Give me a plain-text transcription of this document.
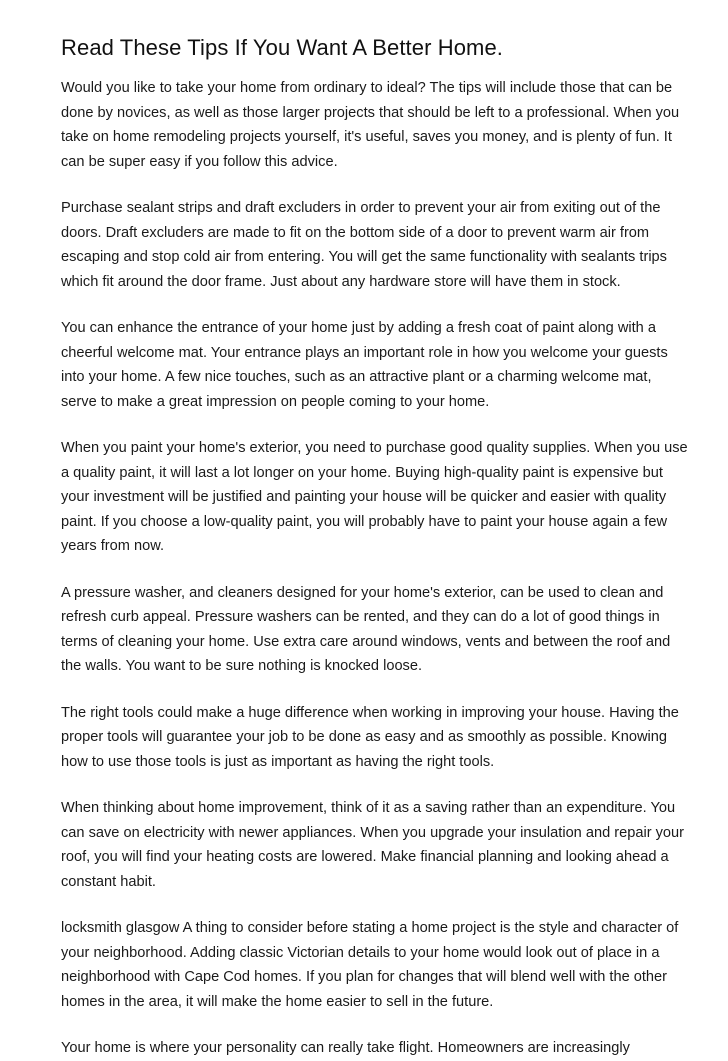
Read These Tips If You Want A Better Home.

Would you like to take your home from ordinary to ideal? The tips will include those that can be done by novices, as well as those larger projects that should be left to a professional. When you take on home remodeling projects yourself, it's useful, saves you money, and is plenty of fun. It can be super easy if you follow this advice.

Purchase sealant strips and draft excluders in order to prevent your air from exiting out of the doors. Draft excluders are made to fit on the bottom side of a door to prevent warm air from escaping and stop cold air from entering. You will get the same functionality with sealants trips which fit around the door frame. Just about any hardware store will have them in stock.

You can enhance the entrance of your home just by adding a fresh coat of paint along with a cheerful welcome mat. Your entrance plays an important role in how you welcome your guests into your home. A few nice touches, such as an attractive plant or a charming welcome mat, serve to make a great impression on people coming to your home.

When you paint your home's exterior, you need to purchase good quality supplies. When you use a quality paint, it will last a lot longer on your home. Buying high-quality paint is expensive but your investment will be justified and painting your house will be quicker and easier with quality paint. If you choose a low-quality paint, you will probably have to paint your house again a few years from now.

A pressure washer, and cleaners designed for your home's exterior, can be used to clean and refresh curb appeal. Pressure washers can be rented, and they can do a lot of good things in terms of cleaning your home. Use extra care around windows, vents and between the roof and the walls. You want to be sure nothing is knocked loose.

The right tools could make a huge difference when working in improving your house. Having the proper tools will guarantee your job to be done as easy and as smoothly as possible. Knowing how to use those tools is just as important as having the right tools.

When thinking about home improvement, think of it as a saving rather than an expenditure. You can save on electricity with newer appliances. When you upgrade your insulation and repair your roof, you will find your heating costs are lowered. Make financial planning and looking ahead a constant habit.

locksmith glasgow A thing to consider before stating a home project is the style and character of your neighborhood. Adding classic Victorian details to your home would look out of place in a neighborhood with Cape Cod homes. If you plan for changes that will blend well with the other homes in the area, it will make the home easier to sell in the future.

Your home is where your personality can really take flight. Homeowners are increasingly
